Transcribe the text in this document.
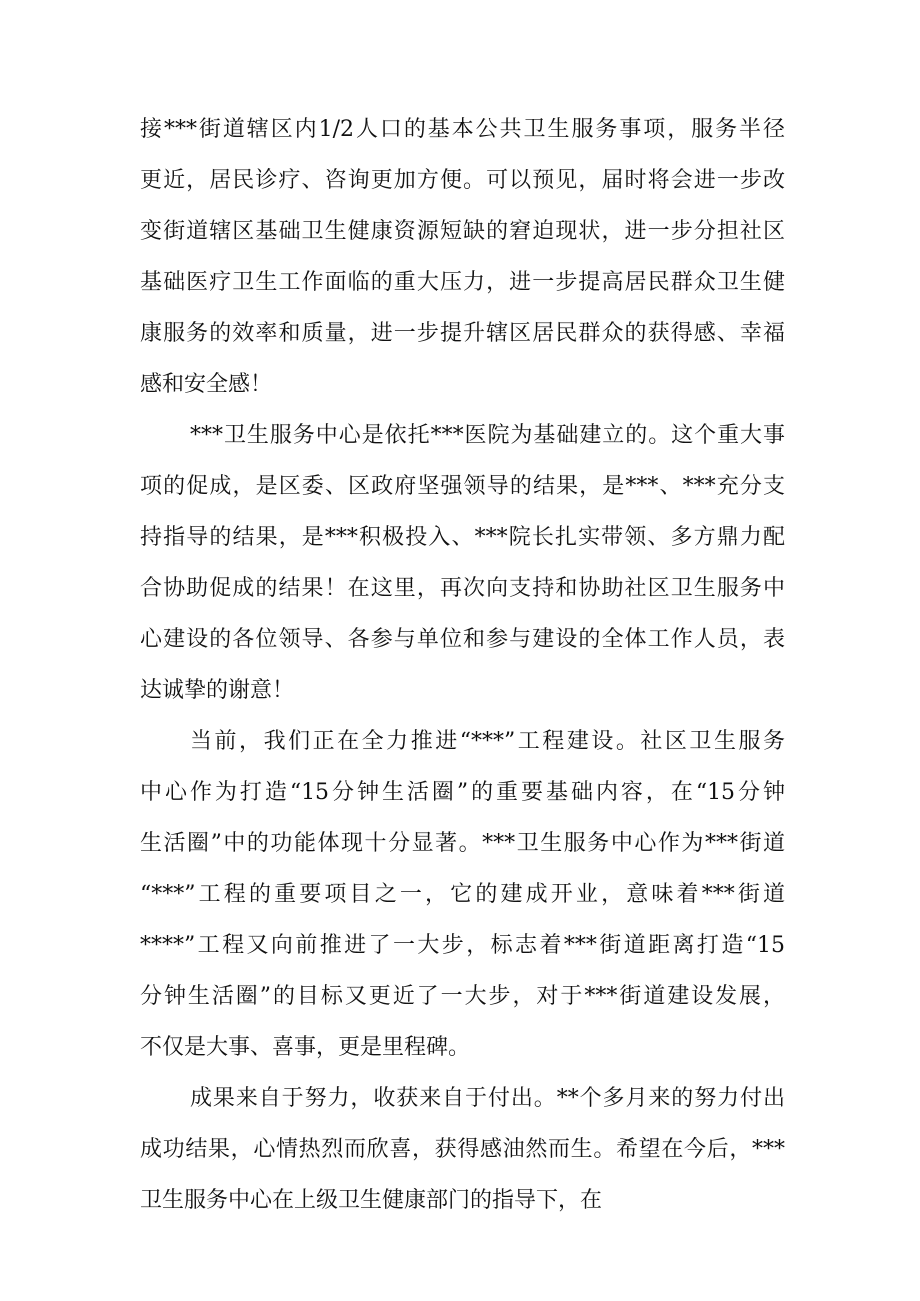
接***街道辖区内1/2人口的基本公共卫生服务事项，服务半径
更近，居民诊疗、咨询更加方便。可以预见，届时将会进一步改
变街道辖区基础卫生健康资源短缺的窘迫现状，进一步分担社区
基础医疗卫生工作面临的重大压力，进一步提高居民群众卫生健
康服务的效率和质量，进一步提升辖区居民群众的获得感、幸福
感和安全感！
***卫生服务中心是依托***医院为基础建立的。这个重大事
项的促成，是区委、区政府坚强领导的结果，是***、***充分支
持指导的结果，是***积极投入、***院长扎实带领、多方鼎力配
合协助促成的结果！在这里，再次向支持和协助社区卫生服务中
心建设的各位领导、各参与单位和参与建设的全体工作人员，表
达诚挚的谢意！
当前，我们正在全力推进“***”工程建设。社区卫生服务
中心作为打造“15分钟生活圈”的重要基础内容，在“15分钟
生活圈”中的功能体现十分显著。***卫生服务中心作为***街道
“***”工程的重要项目之一，它的建成开业，意味着***街道
****”工程又向前推进了一大步，标志着***街道距离打造“15
分钟生活圈”的目标又更近了一大步，对于***街道建设发展，
不仅是大事、喜事，更是里程碑。
成果来自于努力，收获来自于付出。**个多月来的努力付出
成功结果，心情热烈而欣喜，获得感油然而生。希望在今后，***
卫生服务中心在上级卫生健康部门的指导下，在
